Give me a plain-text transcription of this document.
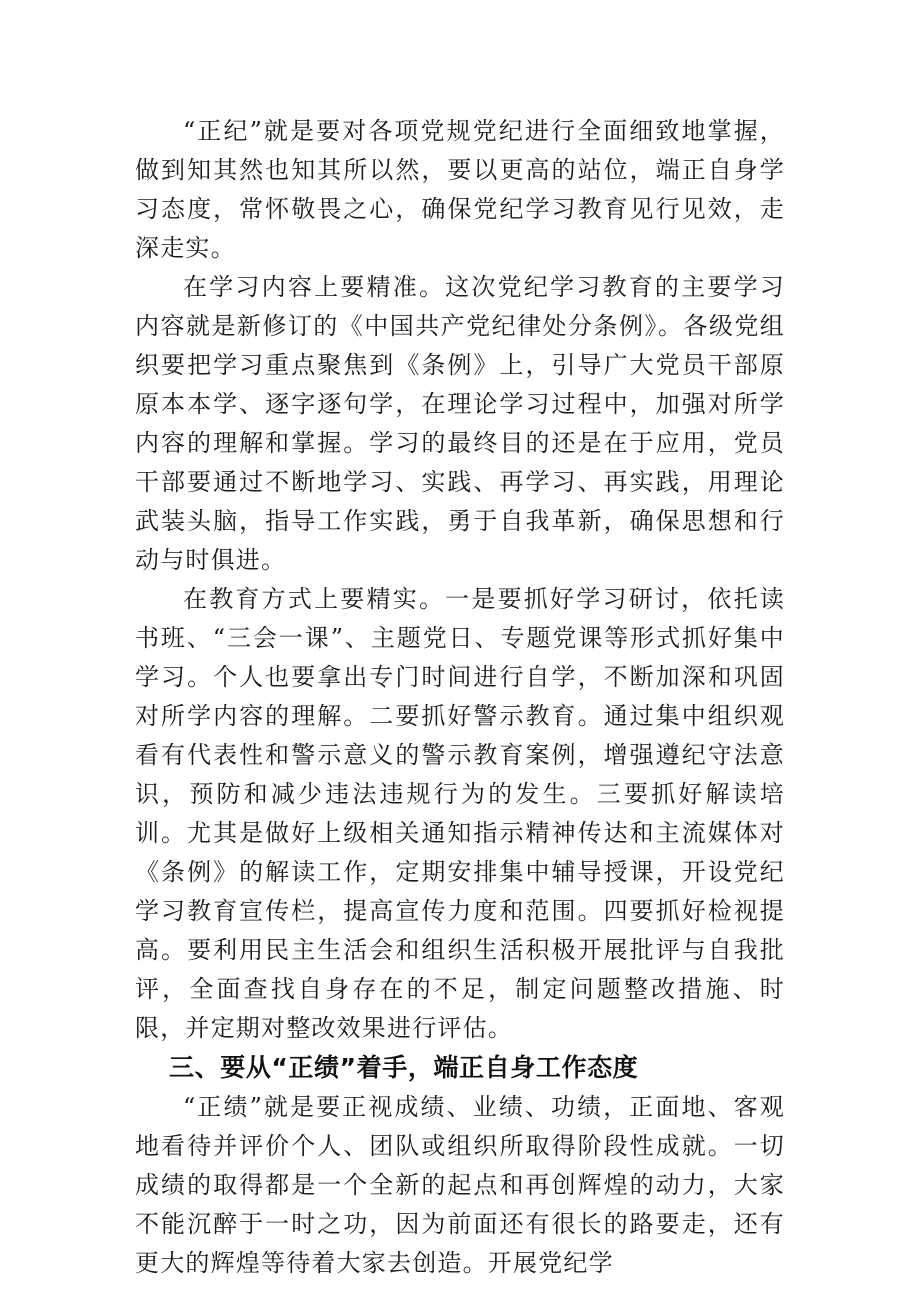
“正纪”就是要对各项党规党纪进行全面细致地掌握，做到知其然也知其所以然，要以更高的站位，端正自身学习态度，常怀敬畏之心，确保党纪学习教育见行见效，走深走实。

在学习内容上要精准。这次党纪学习教育的主要学习内容就是新修订的《中国共产党纪律处分条例》。各级党组织要把学习重点聚焦到《条例》上，引导广大党员干部原原本本学、逐字逐句学，在理论学习过程中，加强对所学内容的理解和掌握。学习的最终目的还是在于应用，党员干部要通过不断地学习、实践、再学习、再实践，用理论武装头脑，指导工作实践，勇于自我革新，确保思想和行动与时俱进。

在教育方式上要精实。一是要抓好学习研讨，依托读书班、“三会一课”、主题党日、专题党课等形式抓好集中学习。个人也要拿出专门时间进行自学，不断加深和巩固对所学内容的理解。二要抓好警示教育。通过集中组织观看有代表性和警示意义的警示教育案例，增强遵纪守法意识，预防和减少违法违规行为的发生。三要抓好解读培训。尤其是做好上级相关通知指示精神传达和主流媒体对《条例》的解读工作，定期安排集中辅导授课，开设党纪学习教育宣传栏，提高宣传力度和范围。四要抓好检视提高。要利用民主生活会和组织生活积极开展批评与自我批评，全面查找自身存在的不足，制定问题整改措施、时限，并定期对整改效果进行评估。

三、要从“正绩”着手，端正自身工作态度

“正绩”就是要正视成绩、业绩、功绩，正面地、客观地看待并评价个人、团队或组织所取得阶段性成就。一切成绩的取得都是一个全新的起点和再创辉煌的动力，大家不能沉醉于一时之功，因为前面还有很长的路要走，还有更大的辉煌等待着大家去创造。开展党纪学
